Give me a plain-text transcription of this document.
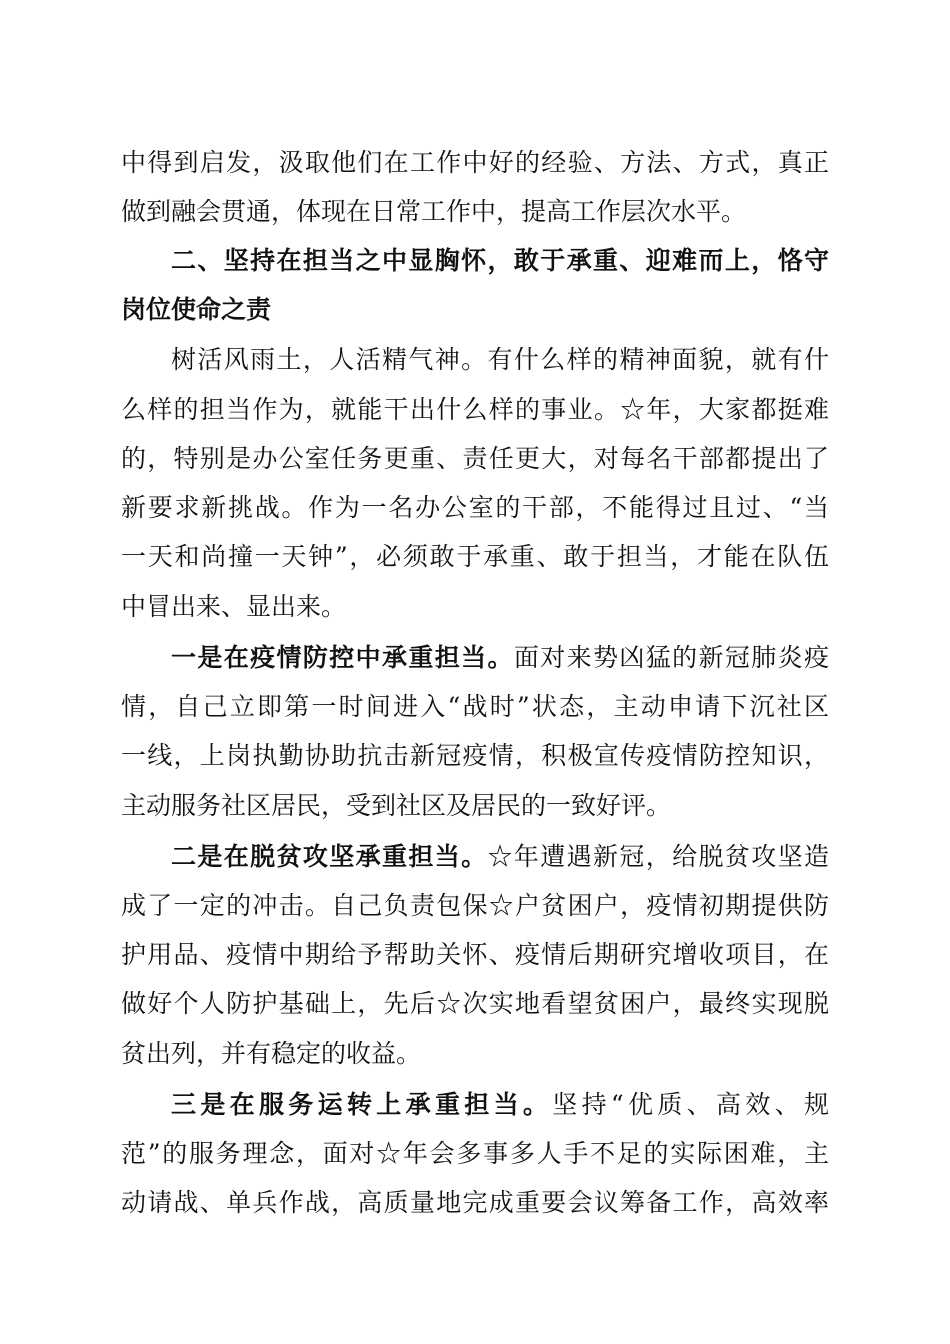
中得到启发，汲取他们在工作中好的经验、方法、方式，真正
做到融会贯通，体现在日常工作中，提高工作层次水平。
二、坚持在担当之中显胸怀，敢于承重、迎难而上，恪守
岗位使命之责
树活风雨土，人活精气神。有什么样的精神面貌，就有什
么样的担当作为，就能干出什么样的事业。☆年，大家都挺难
的，特别是办公室任务更重、责任更大，对每名干部都提出了
新要求新挑战。作为一名办公室的干部，不能得过且过、“当
一天和尚撞一天钟”，必须敢于承重、敢于担当，才能在队伍
中冒出来、显出来。
一是在疫情防控中承重担当。面对来势凶猛的新冠肺炎疫
情，自己立即第一时间进入“战时”状态，主动申请下沉社区
一线，上岗执勤协助抗击新冠疫情，积极宣传疫情防控知识，
主动服务社区居民，受到社区及居民的一致好评。
二是在脱贫攻坚承重担当。☆年遭遇新冠，给脱贫攻坚造
成了一定的冲击。自己负责包保☆户贫困户，疫情初期提供防
护用品、疫情中期给予帮助关怀、疫情后期研究增收项目，在
做好个人防护基础上，先后☆次实地看望贫困户，最终实现脱
贫出列，并有稳定的收益。
三是在服务运转上承重担当。坚持“优质、高效、规
范”的服务理念，面对☆年会多事多人手不足的实际困难，主
动请战、单兵作战，高质量地完成重要会议筹备工作，高效率
